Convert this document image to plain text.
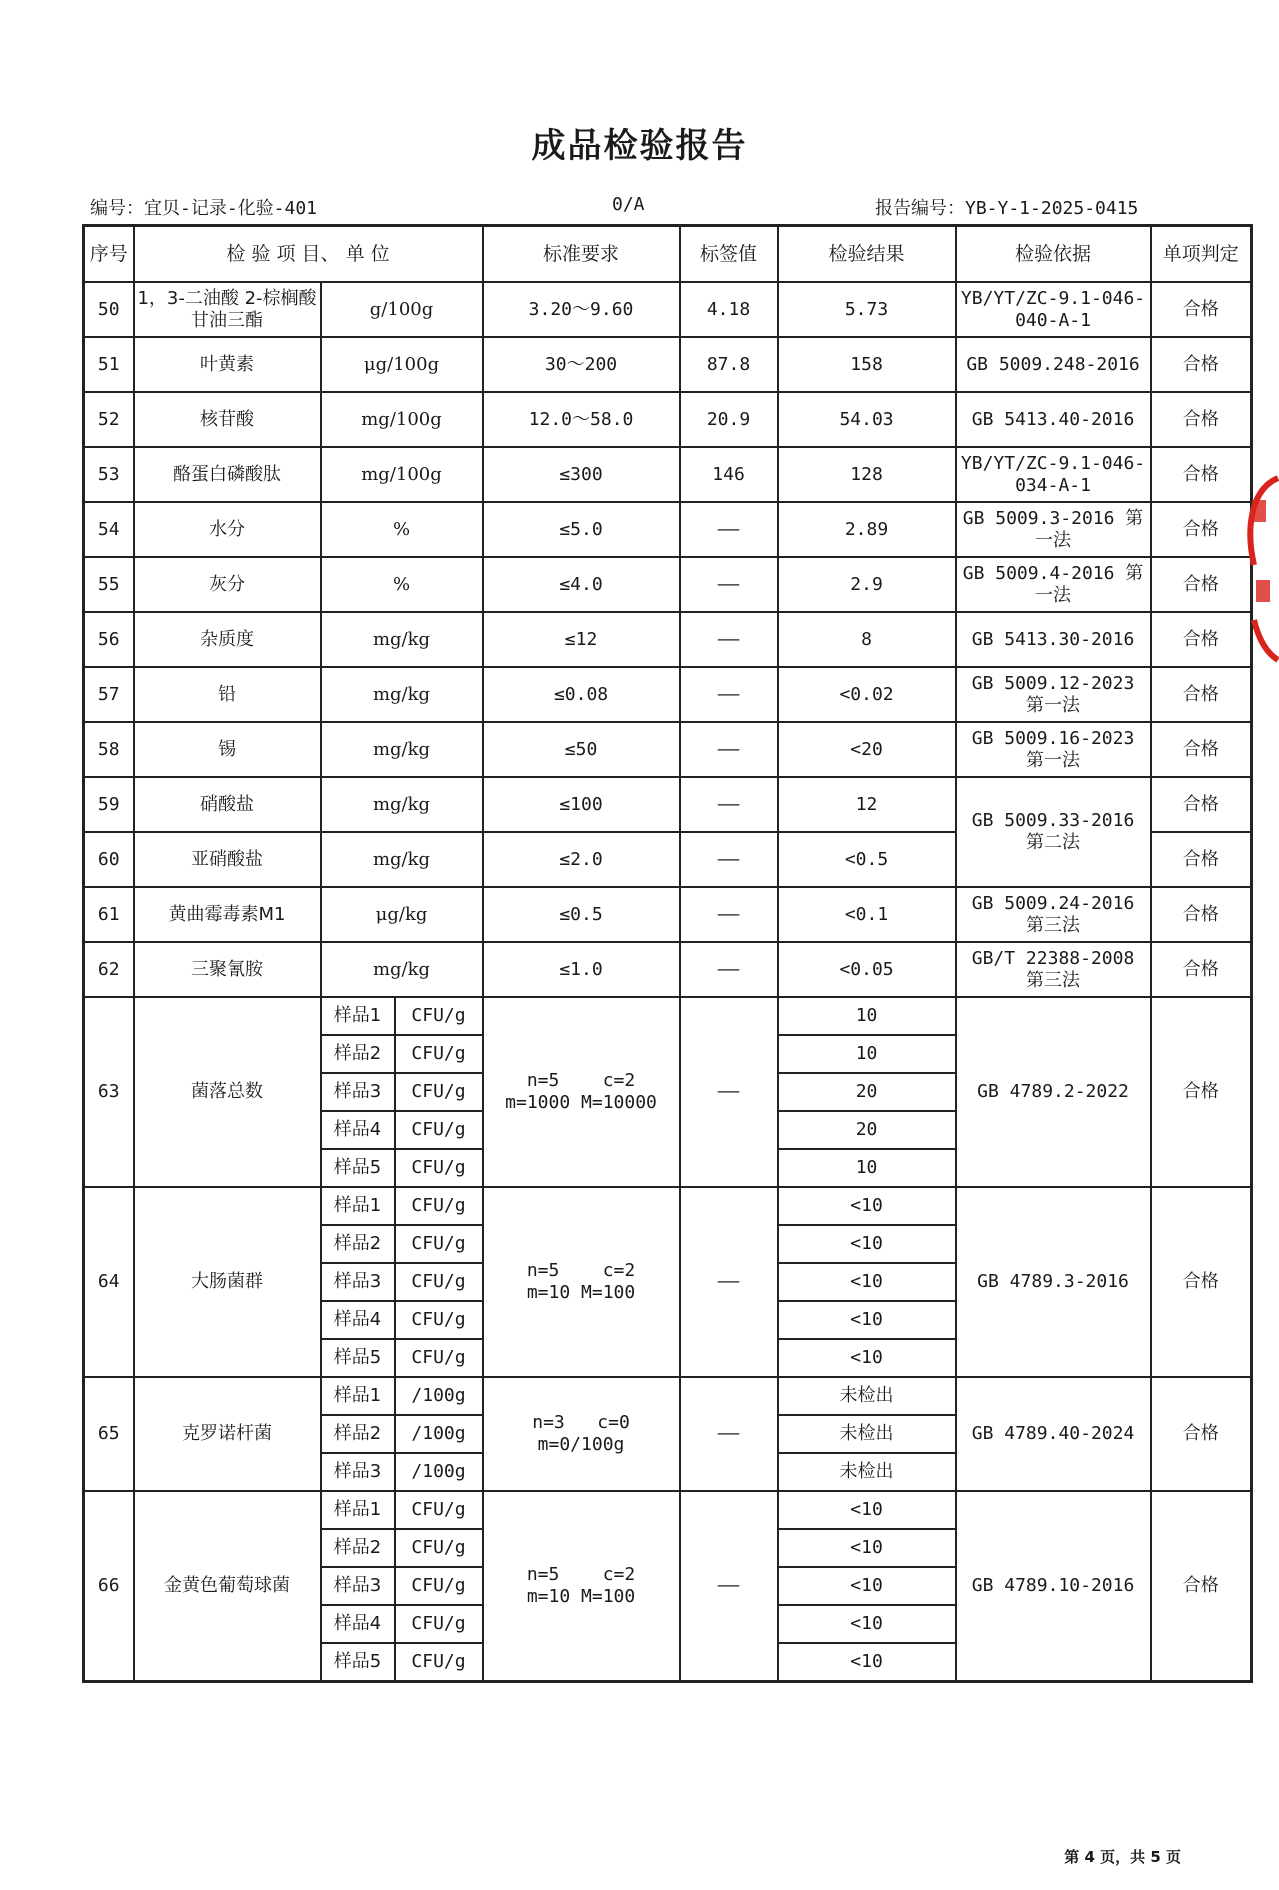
成品检验报告
编号：宜贝-记录-化验-401	0/A	报告编号：YB-Y-1-2025-0415
序号	检 验 项 目、 单 位			标准要求	标签值	检验结果	检验依据	单项判定
50	1，3-二油酸 2-棕榈酸甘油三酯	g/100g		3.20～9.60	4.18	5.73	YB/YT/ZC-9.1-046-040-A-1	合格
51	叶黄素	μg/100g		30～200	87.8	158	GB 5009.248-2016	合格
52	核苷酸	mg/100g		12.0～58.0	20.9	54.03	GB 5413.40-2016	合格
53	酪蛋白磷酸肽	mg/100g		≤300	146	128	YB/YT/ZC-9.1-046-034-A-1	合格
54	水分	%		≤5.0	——	2.89	GB 5009.3-2016 第一法	合格
55	灰分	%		≤4.0	——	2.9	GB 5009.4-2016 第一法	合格
56	杂质度	mg/kg		≤12	——	8	GB 5413.30-2016	合格
57	铅	mg/kg		≤0.08	——	<0.02	GB 5009.12-2023 第一法	合格
58	锡	mg/kg		≤50	——	<20	GB 5009.16-2023 第一法	合格
59	硝酸盐	mg/kg		≤100	——	12	GB 5009.33-2016 第二法	合格
60	亚硝酸盐	mg/kg		≤2.0	——	<0.5		合格
61	黄曲霉毒素M1	μg/kg		≤0.5	——	<0.1	GB 5009.24-2016 第三法	合格
62	三聚氰胺	mg/kg		≤1.0	——	<0.05	GB/T 22388-2008 第三法	合格
63	菌落总数	样品1	CFU/g	n=5    c=2
m=1000 M=10000	——	10	GB 4789.2-2022	合格
		样品2	CFU/g			10		
		样品3	CFU/g			20		
		样品4	CFU/g			20		
		样品5	CFU/g			10		
64	大肠菌群	样品1	CFU/g	n=5    c=2
m=10 M=100	——	<10	GB 4789.3-2016	合格
		样品2	CFU/g			<10		
		样品3	CFU/g			<10		
		样品4	CFU/g			<10		
		样品5	CFU/g			<10		
65	克罗诺杆菌	样品1	/100g	n=3   c=0
m=0/100g	——	未检出	GB 4789.40-2024	合格
		样品2	/100g			未检出		
		样品3	/100g			未检出		
66	金黄色葡萄球菌	样品1	CFU/g	n=5    c=2
m=10 M=100	——	<10	GB 4789.10-2016	合格
		样品2	CFU/g			<10		
		样品3	CFU/g			<10		
		样品4	CFU/g			<10		
		样品5	CFU/g			<10		
第 4 页，共 5 页
